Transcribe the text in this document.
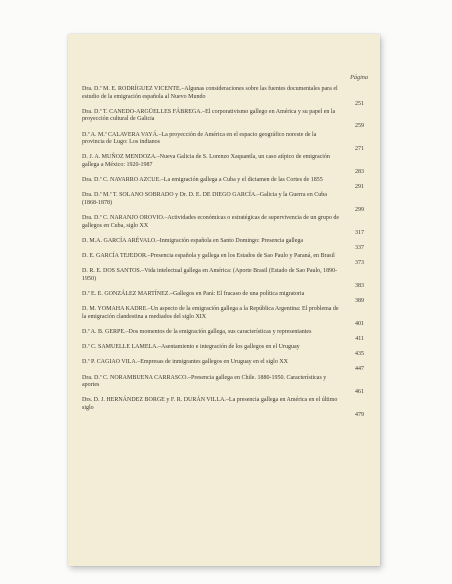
Página
Dra. D.ª M. E. RODRÍGUEZ VICENTE.–Algunas consideraciones sobre las fuentes documentales para el estudio de la emigración española al Nuevo Mundo
251
Dra. D.ª T. CANEDO-ARGÜELLES FÁBREGA.–El corporativismo gallego en América y su papel en la proyección cultural de Galicia
259
D.ª A. M.ª CALAVERA VAYÁ.–La proyección de América en el espacio geográfico noreste de la provincia de Lugo: Los indianos
271
D. J. A. MUÑOZ MENDOZA.–Nueva Galicia de S. Lorenzo Xaquantla, un caso atípico de emigración gallega a México: 1920-1987
283
Dra. D.ª C. NAVARRO AZCUE.–La emigración gallega a Cuba y el dictamen de las Cortes de 1855
291
Dra. D.ª M.ª T. SOLANO SOBRADO y Dr. D. E. DE DIEGO GARCÍA.–Galicia y la Guerra en Cuba (1868-1878)
299
Dra. D.ª C. NARANJO OROVIO.–Actividades económicas o estratégicas de supervivencia de un grupo de gallegos en Cuba, siglo XX
317
D. M.A. GARCÍA ARÉVALO.–Inmigración española en Santo Domingo: Presencia gallega
337
D. E. GARCÍA TEJEDOR.–Presencia española y gallega en los Estados de Sao Paulo y Paraná, en Brasil
373
D. R. E. DOS SANTOS.–Vida intelectual gallega en América: (Aporte Brasil (Estado de Sao Paulo, 1890-1950)
383
D.ª E. E. GONZÁLEZ MARTÍNEZ.–Gallegos en Pará: El fracaso de una política migratoria
389
D. M. YOMAHA KADRE.–Un aspecto de la emigración gallega a la República Argentina: El problema de la emigración clandestina a mediados del siglo XIX
401
D.ª A. B. GERPE.–Dos momentos de la emigración gallega, sus características y representantes
411
D.ª C. SAMUELLE LAMELA.–Asentamiento e integración de los gallegos en el Uruguay
435
D.ª P. CAGIAO VILA.–Empresas de inmigrantes gallegos en Uruguay en el siglo XX
447
Dra. D.ª C. NORAMBUENA CARRASCO.–Presencia gallega en Chile. 1880-1950. Características y aportes
461
Drs. D. J. HERNÁNDEZ BORGE y F. R. DURÁN VILLA.–La presencia gallega en América en el último siglo
479
